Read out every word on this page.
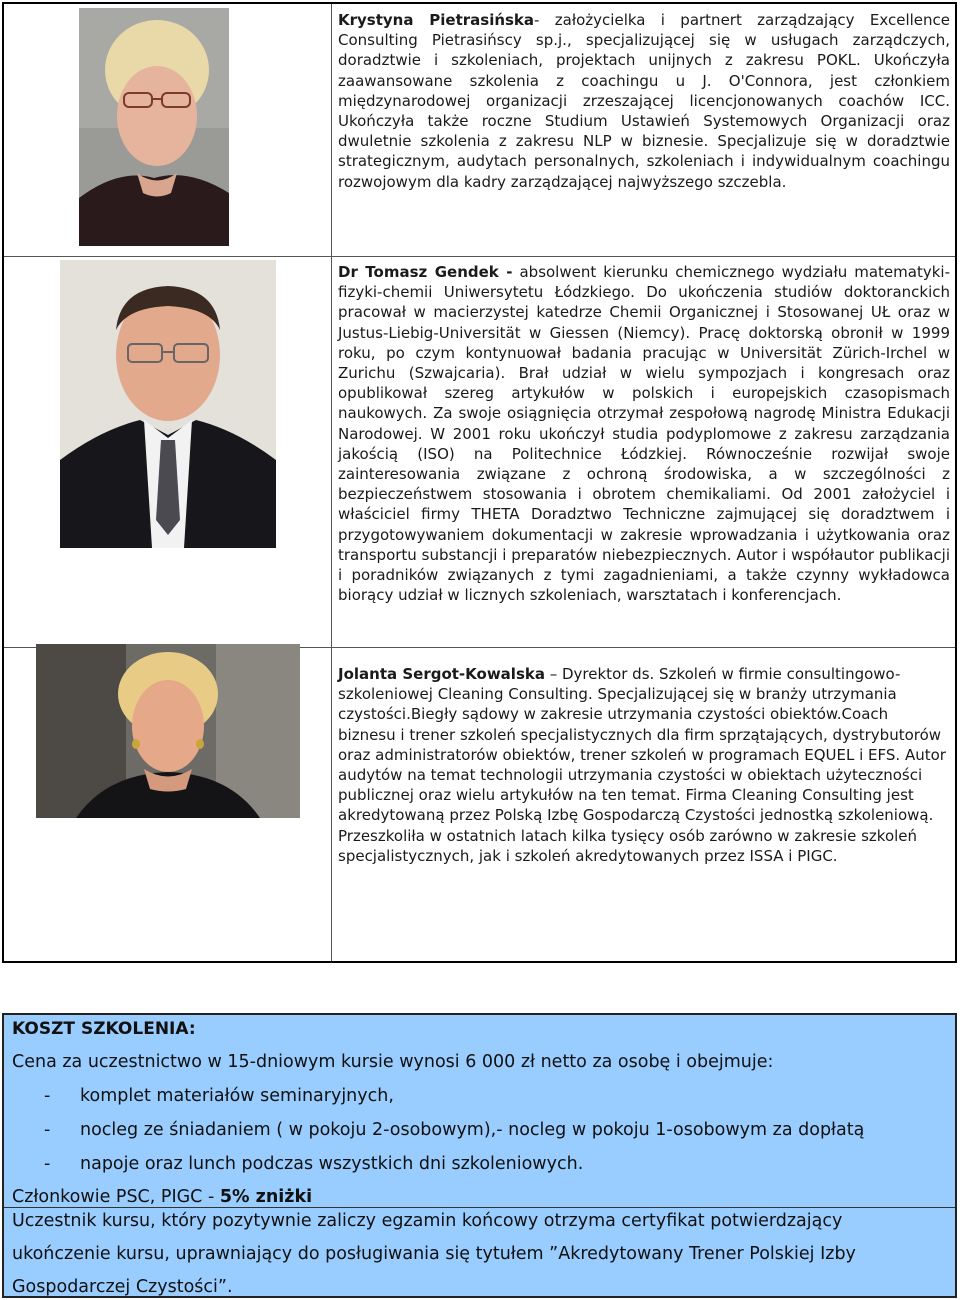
Krystyna Pietrasińska- założycielka i partnert zarządzający Excellence Consulting Pietrasińscy sp.j., specjalizującej się w usługach zarządczych, doradztwie i szkoleniach, projektach unijnych z zakresu POKL. Ukończyła zaawansowane szkolenia z coachingu u J. O'Connora, jest członkiem międzynarodowej organizacji zrzeszającej licencjonowanych coachów ICC. Ukończyła także roczne Studium Ustawień Systemowych Organizacji oraz dwuletnie szkolenia z zakresu NLP w biznesie. Specjalizuje się w doradztwie strategicznym, audytach personalnych, szkoleniach i indywidualnym coachingu rozwojowym dla kadry zarządzającej najwyższego szczebla.
Dr Tomasz Gendek - absolwent kierunku chemicznego wydziału matematyki-fizyki-chemii Uniwersytetu Łódzkiego. Do ukończenia studiów doktoranckich pracował w macierzystej katedrze Chemii Organicznej i Stosowanej UŁ oraz w Justus-Liebig-Universität w Giessen (Niemcy). Pracę doktorską obronił w 1999 roku, po czym kontynuował badania pracując w Universität Zürich-Irchel w Zurichu (Szwajcaria). Brał udział w wielu sympozjach i kongresach oraz opublikował szereg artykułów w polskich i europejskich czasopismach naukowych. Za swoje osiągnięcia otrzymał zespołową nagrodę Ministra Edukacji Narodowej. W 2001 roku ukończył studia podyplomowe z zakresu zarządzania jakością (ISO) na Politechnice Łódzkiej. Równocześnie rozwijał swoje zainteresowania związane z ochroną środowiska, a w szczególności z bezpieczeństwem stosowania i obrotem chemikaliami. Od 2001 założyciel i właściciel firmy THETA Doradztwo Techniczne zajmującej się doradztwem i przygotowywaniem dokumentacji w zakresie wprowadzania i użytkowania oraz transportu substancji i preparatów niebezpiecznych. Autor i współautor publikacji i poradników związanych z tymi zagadnieniami, a także czynny wykładowca biorący udział w licznych szkoleniach, warsztatach i konferencjach.
Jolanta Sergot-Kowalska – Dyrektor ds. Szkoleń w firmie consultingowo-szkoleniowej Cleaning Consulting. Specjalizującej się w branży utrzymania czystości.Biegły sądowy w zakresie utrzymania czystości obiektów.Coach biznesu i trener szkoleń specjalistycznych dla firm sprzątających, dystrybutorów oraz administratorów obiektów, trener szkoleń w programach EQUEL i EFS. Autor audytów na temat technologii utrzymania czystości w obiektach użyteczności publicznej oraz wielu artykułów na ten temat. Firma Cleaning Consulting jest akredytowaną przez Polską Izbę Gospodarczą Czystości jednostką szkoleniową. Przeszkoliła w ostatnich latach kilka tysięcy osób zarówno w zakresie szkoleń specjalistycznych, jak i szkoleń akredytowanych przez ISSA i PIGC.
KOSZT SZKOLENIA:
Cena za uczestnictwo w 15-dniowym kursie wynosi 6 000 zł netto za osobę i obejmuje:
- komplet materiałów seminaryjnych,
- nocleg ze śniadaniem ( w pokoju 2-osobowym),- nocleg w pokoju 1-osobowym za dopłatą
- napoje oraz lunch podczas wszystkich dni szkoleniowych.
Członkowie PSC, PIGC - 5% zniżki
Uczestnik kursu, który pozytywnie zaliczy egzamin końcowy otrzyma certyfikat potwierdzający
ukończenie kursu, uprawniający do posługiwania się tytułem ”Akredytowany Trener Polskiej Izby
Gospodarczej Czystości”.
